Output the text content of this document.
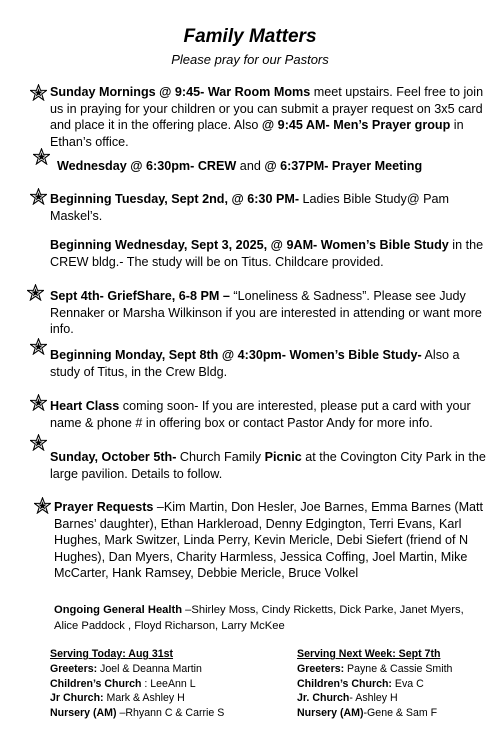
Family Matters
Please pray for our Pastors
Sunday Mornings @ 9:45- War Room Moms meet upstairs. Feel free to join us in praying for your children or you can submit a prayer request on 3x5 card and place it in the offering place. Also @ 9:45 AM- Men’s Prayer group in Ethan’s office.
Wednesday @ 6:30pm- CREW and @ 6:37PM- Prayer Meeting
Beginning Tuesday, Sept 2nd, @ 6:30 PM- Ladies Bible Study@ Pam Maskel’s.
Beginning Wednesday, Sept 3, 2025, @ 9AM- Women’s Bible Study in the CREW bldg.- The study will be on Titus. Childcare provided.
Sept 4th- GriefShare, 6-8 PM – “Loneliness & Sadness”. Please see Judy Rennaker or Marsha Wilkinson if you are interested in attending or want more info.
Beginning Monday, Sept 8th @ 4:30pm- Women’s Bible Study- Also a study of Titus, in the Crew Bldg.
Heart Class coming soon- If you are interested, please put a card with your name & phone # in offering box or contact Pastor Andy for more info.
Sunday, October 5th- Church Family Picnic at the Covington City Park in the large pavilion. Details to follow.
Prayer Requests –Kim Martin, Don Hesler, Joe Barnes, Emma Barnes (Matt Barnes’ daughter), Ethan Harkleroad, Denny Edgington, Terri Evans, Karl Hughes, Mark Switzer, Linda Perry, Kevin Mericle, Debi Siefert (friend of N Hughes), Dan Myers, Charity Harmless, Jessica Coffing, Joel Martin, Mike McCarter, Hank Ramsey, Debbie Mericle, Bruce Volkel
Ongoing General Health –Shirley Moss, Cindy Ricketts, Dick Parke, Janet Myers, Alice Paddock , Floyd Richarson, Larry McKee
Serving Today: Aug 31st
Greeters: Joel & Deanna Martin
Children’s Church : LeeAnn L
Jr Church: Mark & Ashley H
Nursery (AM) –Rhyann C & Carrie S
Serving Next Week: Sept 7th
Greeters: Payne & Cassie Smith
Children’s Church: Eva C
Jr. Church- Ashley H
Nursery (AM)-Gene & Sam F
